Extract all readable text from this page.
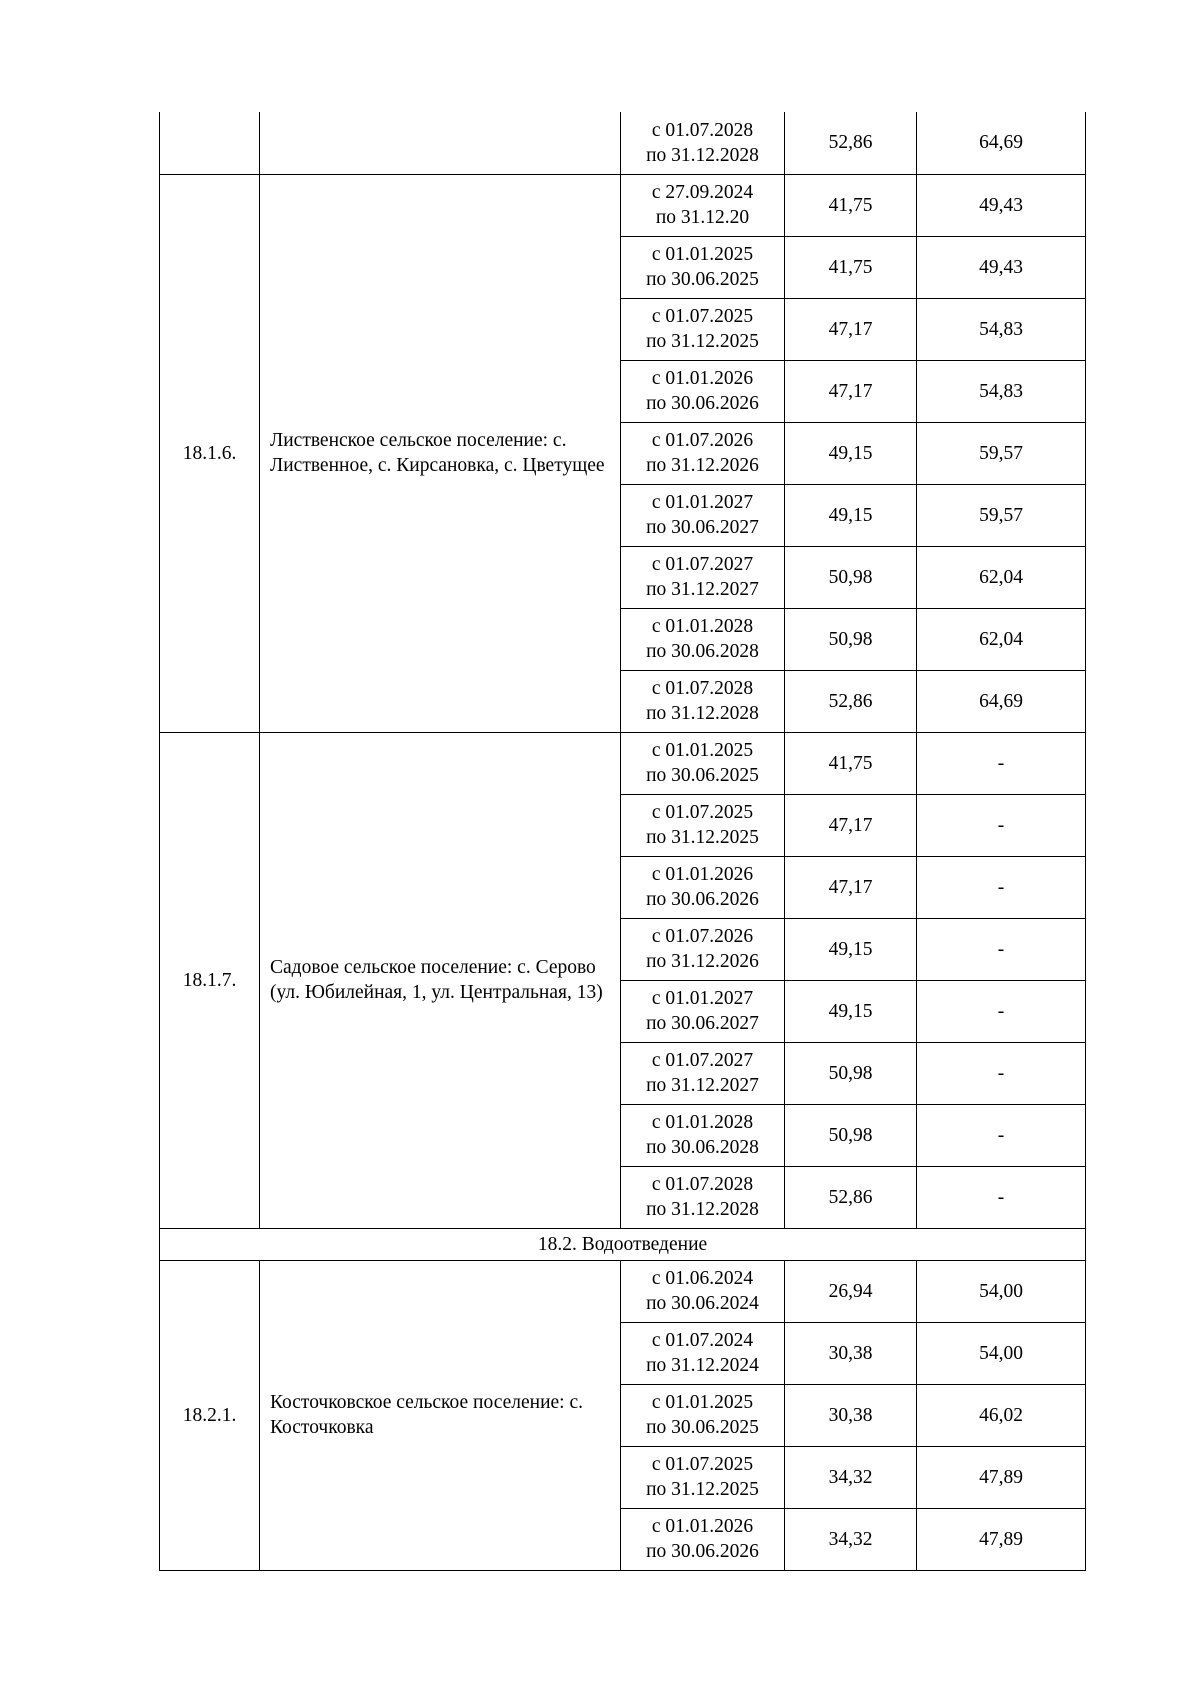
		с 01.07.2028
по 31.12.2028	52,86	64,69
18.1.6.	Лиственское сельское поселение: с. Лиственное, с. Кирсановка, с. Цветущее	с 27.09.2024
по 31.12.20	41,75	49,43

		с 01.01.2025
по 30.06.2025	41,75	49,43

		с 01.07.2025
по 31.12.2025	47,17	54,83

		с 01.01.2026
по 30.06.2026	47,17	54,83

		с 01.07.2026
по 31.12.2026	49,15	59,57

		с 01.01.2027
по 30.06.2027	49,15	59,57

		с 01.07.2027
по 31.12.2027	50,98	62,04

		с 01.01.2028
по 30.06.2028	50,98	62,04

		с 01.07.2028
по 31.12.2028	52,86	64,69
18.1.7.	Садовое сельское поселение: с. Серово (ул. Юбилейная, 1, ул. Центральная, 13)	с 01.01.2025
по 30.06.2025	41,75	-

		с 01.07.2025
по 31.12.2025	47,17	-

		с 01.01.2026
по 30.06.2026	47,17	-

		с 01.07.2026
по 31.12.2026	49,15	-

		с 01.01.2027
по 30.06.2027	49,15	-

		с 01.07.2027
по 31.12.2027	50,98	-

		с 01.01.2028
по 30.06.2028	50,98	-

		с 01.07.2028
по 31.12.2028	52,86	-
18.2. Водоотведение				
18.2.1.	Косточковское сельское поселение: с. Косточковка	с 01.06.2024
по 30.06.2024	26,94	54,00

		с 01.07.2024
по 31.12.2024	30,38	54,00

		с 01.01.2025
по 30.06.2025	30,38	46,02

		с 01.07.2025
по 31.12.2025	34,32	47,89

		с 01.01.2026
по 30.06.2026	34,32	47,89
